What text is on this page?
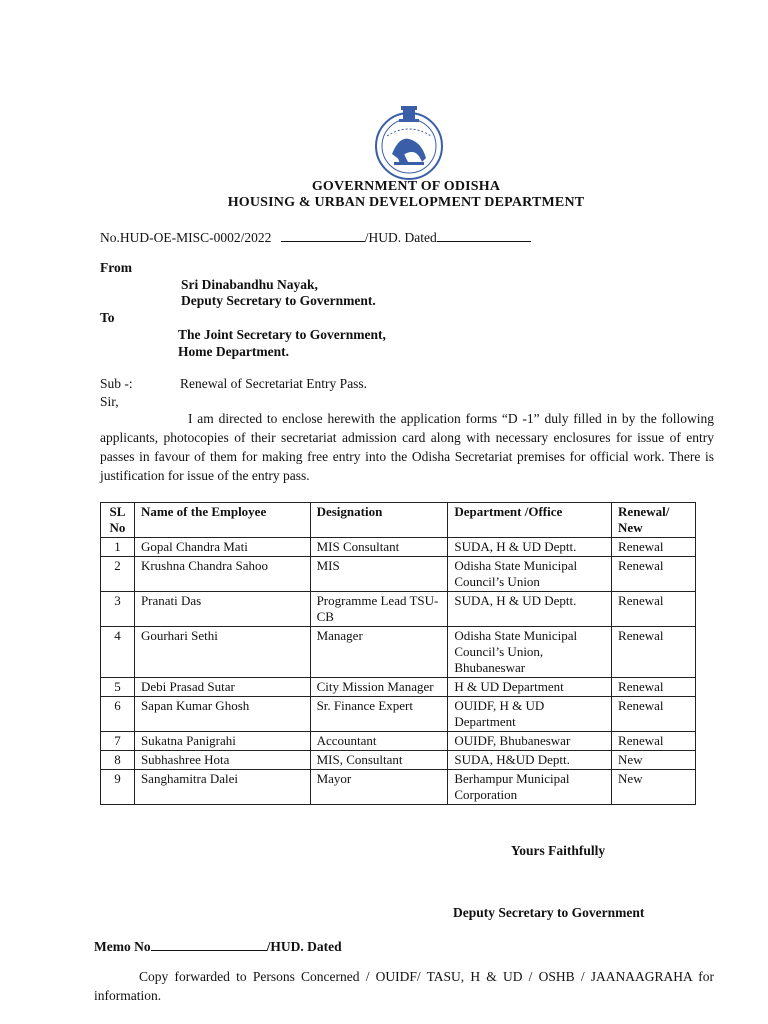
GOVERNMENT OF ODISHA
HOUSING & URBAN DEVELOPMENT DEPARTMENT
No.HUD-OE-MISC-0002/2022	/HUD. Dated
From
Sri Dinabandhu Nayak,
Deputy Secretary to Government.
To
The Joint Secretary to Government,
Home Department.
Sub -:	Renewal of Secretariat Entry Pass.
Sir,
I am directed to enclose herewith the application forms “D -1” duly filled in by the following applicants, photocopies of their secretariat admission card along with necessary enclosures for issue of entry passes in favour of them for making free entry into the Odisha Secretariat premises for official work. There is justification for issue of the entry pass.
SL No	Name of the Employee	Designation	Department /Office	Renewal/ New
1	Gopal Chandra Mati	MIS Consultant	SUDA, H & UD Deptt.	Renewal
2	Krushna Chandra Sahoo	MIS	Odisha State Municipal Council’s Union	Renewal
3	Pranati Das	Programme Lead TSU- CB	SUDA, H & UD Deptt.	Renewal
4	Gourhari Sethi	Manager	Odisha State Municipal Council’s Union, Bhubaneswar	Renewal
5	Debi Prasad Sutar	City Mission Manager	H & UD Department	Renewal
6	Sapan Kumar Ghosh	Sr. Finance Expert	OUIDF, H & UD Department	Renewal
7	Sukatna Panigrahi	Accountant	OUIDF, Bhubaneswar	Renewal
8	Subhashree Hota	MIS, Consultant	SUDA, H&UD Deptt.	New
9	Sanghamitra Dalei	Mayor	Berhampur Municipal Corporation	New
Yours Faithfully
Deputy Secretary to Government
Memo No	/HUD. Dated
Copy forwarded to Persons Concerned / OUIDF/ TASU, H & UD / OSHB / JAANAAGRAHA for information.
